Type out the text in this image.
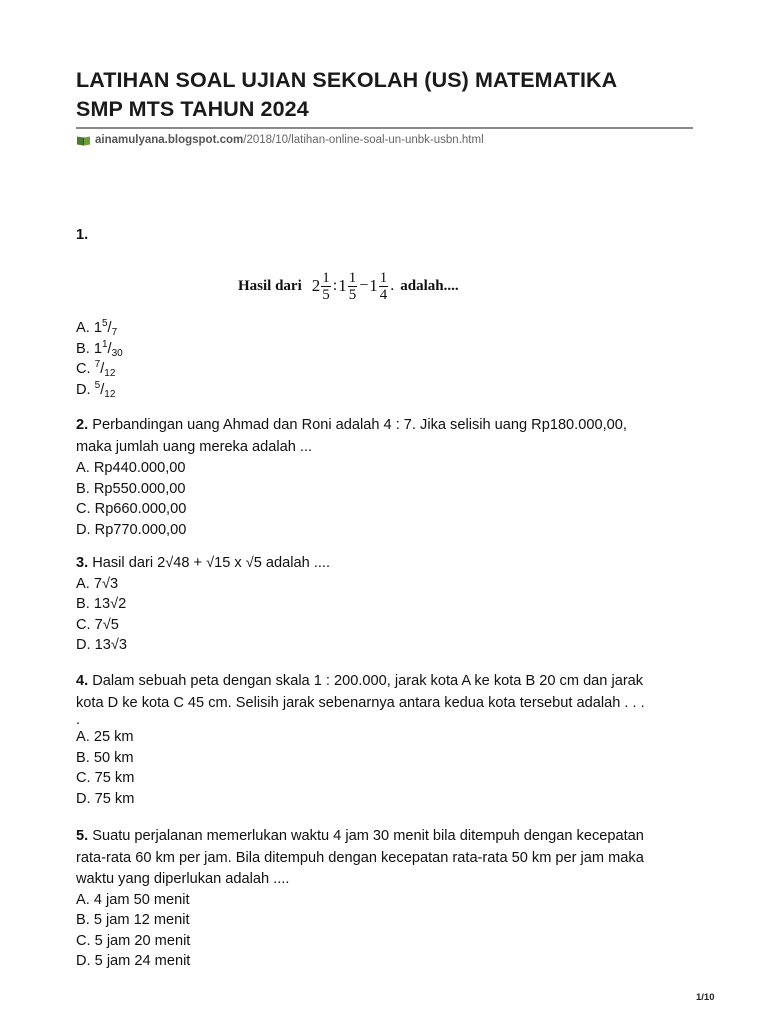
LATIHAN SOAL UJIAN SEKOLAH (US) MATEMATIKA
SMP MTS TAHUN 2024
ainamulyana.blogspot.com /2018/10/latihan-online-soal-un-unbk-usbn.html
1.
Hasil dari $2 \frac{1}{5}$ : $1 \frac{1}{5} - 1 \frac{1}{4}$ . adalah....
A. $1^5/_7$
B. $1^1/_{30}$
C. $^7/_{12}$
D. $^5/_{12}$
2. Perbandingan uang Ahmad dan Roni adalah 4 : 7. Jika selisih uang Rp180.000,00,
maka jumlah uang mereka adalah ...
A. Rp440.000,00
B. Rp550.000,00
C. Rp660.000,00
D. Rp770.000,00
3. Hasil dari 2√48 + √15 x √5 adalah ....
A. 7√3
B. 13√2
C. 7√5
D. 13√3
4. Dalam sebuah peta dengan skala 1 : 200.000, jarak kota A ke kota B 20 cm dan jarak
kota D ke kota C 45 cm. Selisih jarak sebenarnya antara kedua kota tersebut adalah . . .
.
A. 25 km
B. 50 km
C. 75 km
D. 75 km
5. Suatu perjalanan memerlukan waktu 4 jam 30 menit bila ditempuh dengan kecepatan
rata-rata 60 km per jam. Bila ditempuh dengan kecepatan rata-rata 50 km per jam maka
waktu yang diperlukan adalah ....
A. 4 jam 50 menit
B. 5 jam 12 menit
C. 5 jam 20 menit
D. 5 jam 24 menit
1/10
